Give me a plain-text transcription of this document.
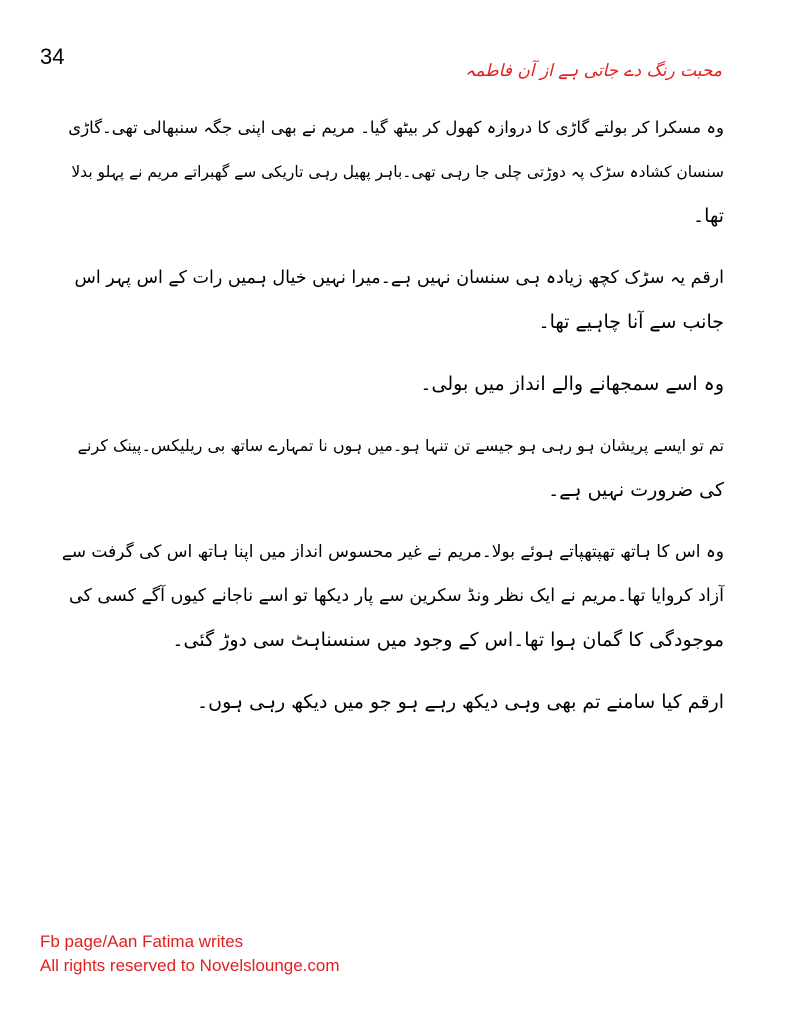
34
محبت رنگ دے جاتی ہے از آن فاطمہ
وہ مسکرا کر بولتے گاڑی کا دروازہ کھول کر بیٹھ گیا۔ مریم نے بھی اپنی جگہ سنبھالی تھی۔گاڑی
سنسان کشادہ سڑک پہ دوڑتی چلی جا رہی تھی۔باہر پھیل رہی تاریکی سے گھبراتے مریم نے پہلو بدلا
تھا۔
ارقم یہ سڑک کچھ زیادہ ہی سنسان نہیں ہے۔میرا نہیں خیال ہمیں رات کے اس پہر اس
جانب سے آنا چاہیے تھا۔
وہ اسے سمجھانے والے انداز میں بولی۔
تم تو ایسے پریشان ہو رہی ہو جیسے تن تنہا ہو۔میں ہوں نا تمہارے ساتھ بی ریلیکس۔پینک کرنے
کی ضرورت نہیں ہے۔
وہ اس کا ہاتھ تھپتھپاتے ہوئے بولا۔مریم نے غیر محسوس انداز میں اپنا ہاتھ اس کی گرفت سے
آزاد کروایا تھا۔مریم نے ایک نظر ونڈ سکرین سے پار دیکھا تو اسے ناجانے کیوں آگے کسی کی
موجودگی کا گمان ہوا تھا۔اس کے وجود میں سنسناہٹ سی دوڑ گئی۔
ارقم کیا سامنے تم بھی وہی دیکھ رہے ہو جو میں دیکھ رہی ہوں۔
Fb page/Aan Fatima writes
All rights reserved to Novelslounge.com
